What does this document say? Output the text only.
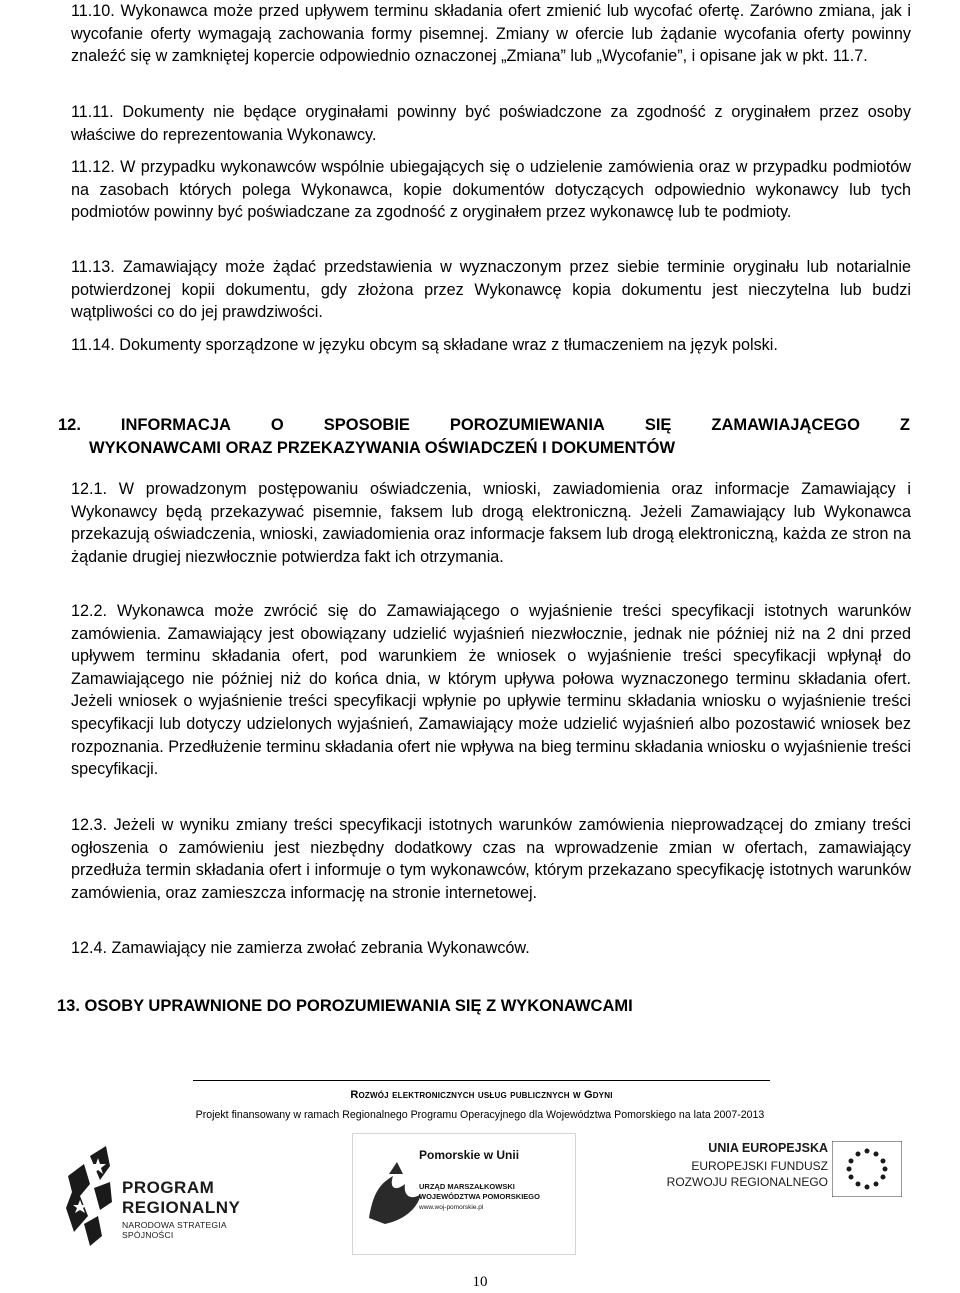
11.10. Wykonawca może przed upływem terminu składania ofert zmienić lub wycofać ofertę. Zarówno zmiana, jak i wycofanie oferty wymagają zachowania formy pisemnej. Zmiany w ofercie lub żądanie wycofania oferty powinny znaleźć się w zamkniętej kopercie odpowiednio oznaczonej „Zmiana” lub „Wycofanie”, i opisane jak w pkt. 11.7.

11.11. Dokumenty nie będące oryginałami powinny być poświadczone za zgodność z oryginałem przez osoby właściwe do reprezentowania Wykonawcy.

11.12. W przypadku wykonawców wspólnie ubiegających się o udzielenie zamówienia oraz w przypadku podmiotów na zasobach których polega Wykonawca, kopie dokumentów dotyczących odpowiednio wykonawcy lub tych podmiotów powinny być poświadczane za zgodność z oryginałem przez wykonawcę lub te podmioty.

11.13. Zamawiający może żądać przedstawienia w wyznaczonym przez siebie terminie oryginału lub notarialnie potwierdzonej kopii dokumentu, gdy złożona przez Wykonawcę kopia dokumentu jest nieczytelna lub budzi wątpliwości co do jej prawdziwości.

11.14. Dokumenty sporządzone w języku obcym są składane wraz z tłumaczeniem na język polski.

12. INFORMACJA O SPOSOBIE POROZUMIEWANIA SIĘ ZAMAWIAJĄCEGO Z
WYKONAWCAMI ORAZ PRZEKAZYWANIA OŚWIADCZEŃ I DOKUMENTÓW

12.1. W prowadzonym postępowaniu oświadczenia, wnioski, zawiadomienia oraz informacje Zamawiający i Wykonawcy będą przekazywać pisemnie, faksem lub drogą elektroniczną. Jeżeli Zamawiający lub Wykonawca przekazują oświadczenia, wnioski, zawiadomienia oraz informacje faksem lub drogą elektroniczną, każda ze stron na żądanie drugiej niezwłocznie potwierdza fakt ich otrzymania.

12.2. Wykonawca może zwrócić się do Zamawiającego o wyjaśnienie treści specyfikacji istotnych warunków zamówienia. Zamawiający jest obowiązany udzielić wyjaśnień niezwłocznie, jednak nie później niż na 2 dni przed upływem terminu składania ofert, pod warunkiem że wniosek o wyjaśnienie treści specyfikacji wpłynął do Zamawiającego nie później niż do końca dnia, w którym upływa połowa wyznaczonego terminu składania ofert. Jeżeli wniosek o wyjaśnienie treści specyfikacji wpłynie po upływie terminu składania wniosku o wyjaśnienie treści specyfikacji lub dotyczy udzielonych wyjaśnień, Zamawiający może udzielić wyjaśnień albo pozostawić wniosek bez rozpoznania. Przedłużenie terminu składania ofert nie wpływa na bieg terminu składania wniosku o wyjaśnienie treści specyfikacji.

12.3. Jeżeli w wyniku zmiany treści specyfikacji istotnych warunków zamówienia nieprowadzącej do zmiany treści ogłoszenia o zamówieniu jest niezbędny dodatkowy czas na wprowadzenie zmian w ofertach, zamawiający przedłuża termin składania ofert i informuje o tym wykonawców, którym przekazano specyfikację istotnych warunków zamówienia, oraz zamieszcza informację na stronie internetowej.

12.4. Zamawiający nie zamierza zwołać zebrania Wykonawców.

13. OSOBY UPRAWNIONE DO POROZUMIEWANIA SIĘ Z WYKONAWCAMI
Rozwój elektronicznych usług publicznych w Gdyni
Projekt finansowany w ramach Regionalnego Programu Operacyjnego dla Województwa Pomorskiego na lata 2007-2013
PROGRAM
REGIONALNY
NARODOWA STRATEGIA SPÓJNOŚCI
Pomorskie w Unii
URZĄD MARSZAŁKOWSKI
WOJEWÓDZTWA POMORSKIEGO
www.woj-pomorskie.pl
UNIA EUROPEJSKA
EUROPEJSKI FUNDUSZ
ROZWOJU REGIONALNEGO
10
